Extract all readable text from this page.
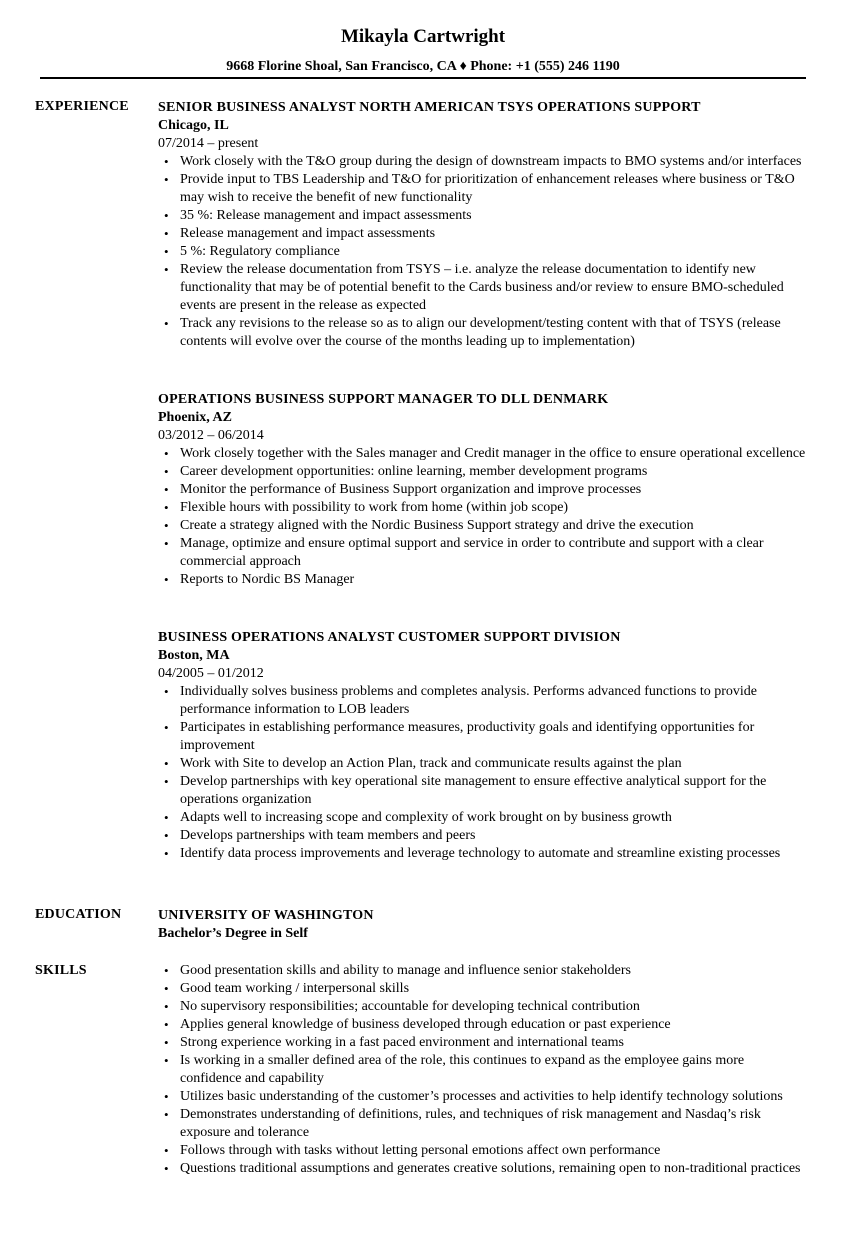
Mikayla Cartwright
9668 Florine Shoal, San Francisco, CA ♦ Phone: +1 (555) 246 1190
EXPERIENCE SENIOR BUSINESS ANALYST NORTH AMERICAN TSYS OPERATIONS SUPPORT
Chicago, IL
07/2014 – present
• Work closely with the T&O group during the design of downstream impacts to BMO systems and/or interfaces
• Provide input to TBS Leadership and T&O for prioritization of enhancement releases where business or T&O may wish to receive the benefit of new functionality
• 35 %: Release management and impact assessments
• Release management and impact assessments
• 5 %: Regulatory compliance
• Review the release documentation from TSYS – i.e. analyze the release documentation to identify new functionality that may be of potential benefit to the Cards business and/or review to ensure BMO-scheduled events are present in the release as expected
• Track any revisions to the release so as to align our development/testing content with that of TSYS (release contents will evolve over the course of the months leading up to implementation)
OPERATIONS BUSINESS SUPPORT MANAGER TO DLL DENMARK
Phoenix, AZ
03/2012 – 06/2014
• Work closely together with the Sales manager and Credit manager in the office to ensure operational excellence
• Career development opportunities: online learning, member development programs
• Monitor the performance of Business Support organization and improve processes
• Flexible hours with possibility to work from home (within job scope)
• Create a strategy aligned with the Nordic Business Support strategy and drive the execution
• Manage, optimize and ensure optimal support and service in order to contribute and support with a clear commercial approach
• Reports to Nordic BS Manager
BUSINESS OPERATIONS ANALYST CUSTOMER SUPPORT DIVISION
Boston, MA
04/2005 – 01/2012
• Individually solves business problems and completes analysis. Performs advanced functions to provide performance information to LOB leaders
• Participates in establishing performance measures, productivity goals and identifying opportunities for improvement
• Work with Site to develop an Action Plan, track and communicate results against the plan
• Develop partnerships with key operational site management to ensure effective analytical support for the operations organization
• Adapts well to increasing scope and complexity of work brought on by business growth
• Develops partnerships with team members and peers
• Identify data process improvements and leverage technology to automate and streamline existing processes
EDUCATION	UNIVERSITY OF WASHINGTON
Bachelor’s Degree in Self
SKILLS
•	Good presentation skills and ability to manage and influence senior stakeholders
• Good team working / interpersonal skills
• No supervisory responsibilities; accountable for developing technical contribution
• Applies general knowledge of business developed through education or past experience
• Strong experience working in a fast paced environment and international teams
• Is working in a smaller defined area of the role, this continues to expand as the employee gains more confidence and capability
• Utilizes basic understanding of the customer’s processes and activities to help identify technology solutions
• Demonstrates understanding of definitions, rules, and techniques of risk management and Nasdaq’s risk exposure and tolerance
• Follows through with tasks without letting personal emotions affect own performance
• Questions traditional assumptions and generates creative solutions, remaining open to non-traditional practices
